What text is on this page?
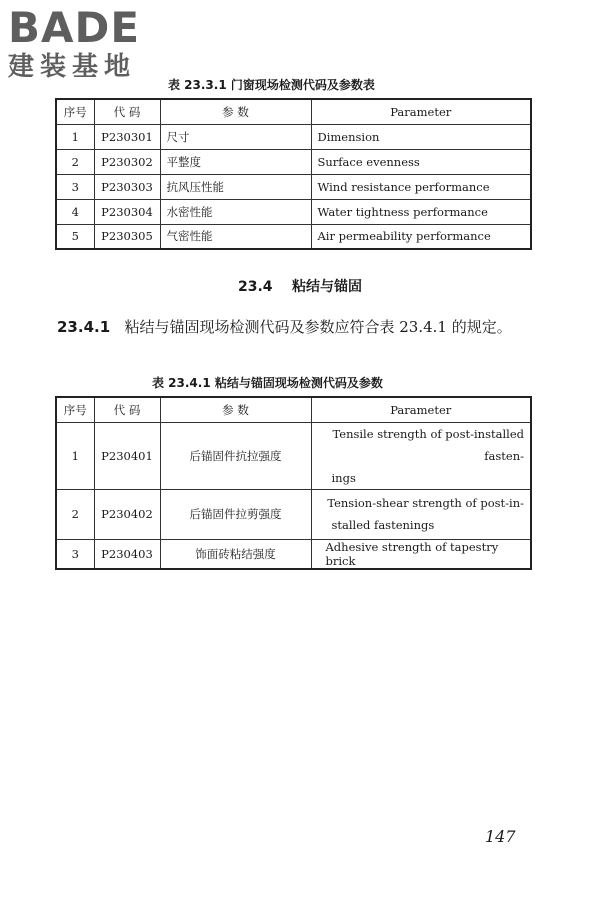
BADE
建装基地
表 23.3.1 门窗现场检测代码及参数表
序号	代 码	参 数	Parameter
1	P230301	尺寸	Dimension
2	P230302	平整度	Surface evenness
3	P230303	抗风压性能	Wind resistance performance
4	P230304	水密性能	Water tightness performance
5	P230305	气密性能	Air permeability performance
23.4 粘结与锚固
23.4.1 粘结与锚固现场检测代码及参数应符合表 23.4.1 的规定。
表 23.4.1 粘结与锚固现场检测代码及参数
序号	代 码	参 数	Parameter
1	P230401	后锚固件抗拉强度	Tensile strength of post-installed fasten-
ings

2	P230402	后锚固件拉剪强度	Tension-shear strength of post-in-
stalled fastenings

3	P230403	饰面砖粘结强度	Adhesive strength of tapestry brick
147
